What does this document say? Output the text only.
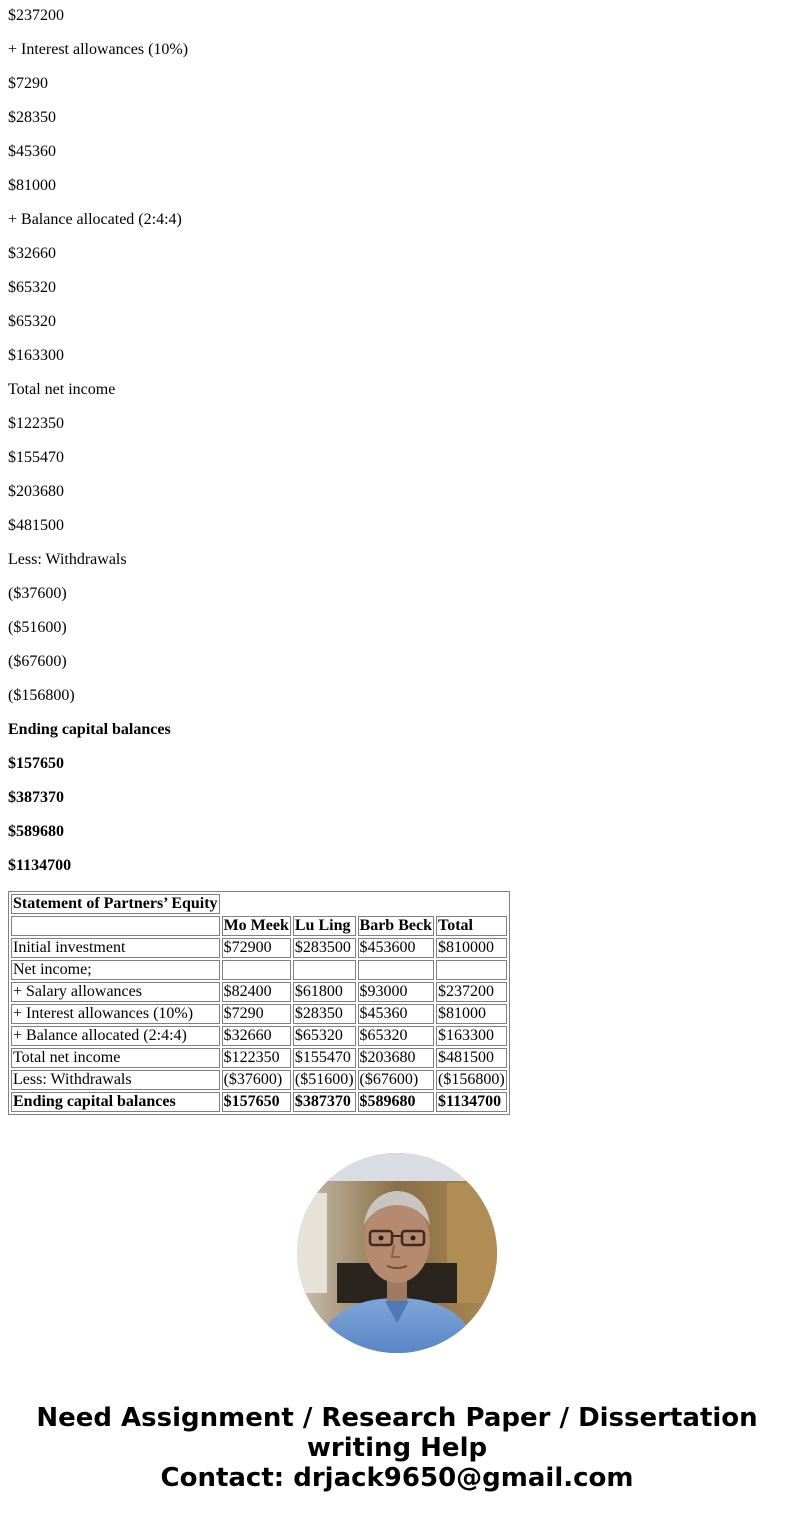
$237200

+ Interest allowances (10%)

$7290

$28350

$45360

$81000

+ Balance allocated (2:4:4)

$32660

$65320

$65320

$163300

Total net income

$122350

$155470

$203680

$481500

Less: Withdrawals

($37600)

($51600)

($67600)

($156800)

Ending capital balances

$157650

$387370

$589680

$1134700

Statement of Partners’ Equity				
	Mo Meek	Lu Ling	Barb Beck	Total
Initial investment	$72900	$283500	$453600	$810000
Net income;				
+ Salary allowances	$82400	$61800	$93000	$237200
+ Interest allowances (10%)	$7290	$28350	$45360	$81000
+ Balance allocated (2:4:4)	$32660	$65320	$65320	$163300
Total net income	$122350	$155470	$203680	$481500
Less: Withdrawals	($37600)	($51600)	($67600)	($156800)
Ending capital balances	$157650	$387370	$589680	$1134700
Need Assignment / Research Paper / Dissertation
writing Help
Contact: drjack9650@gmail.com
